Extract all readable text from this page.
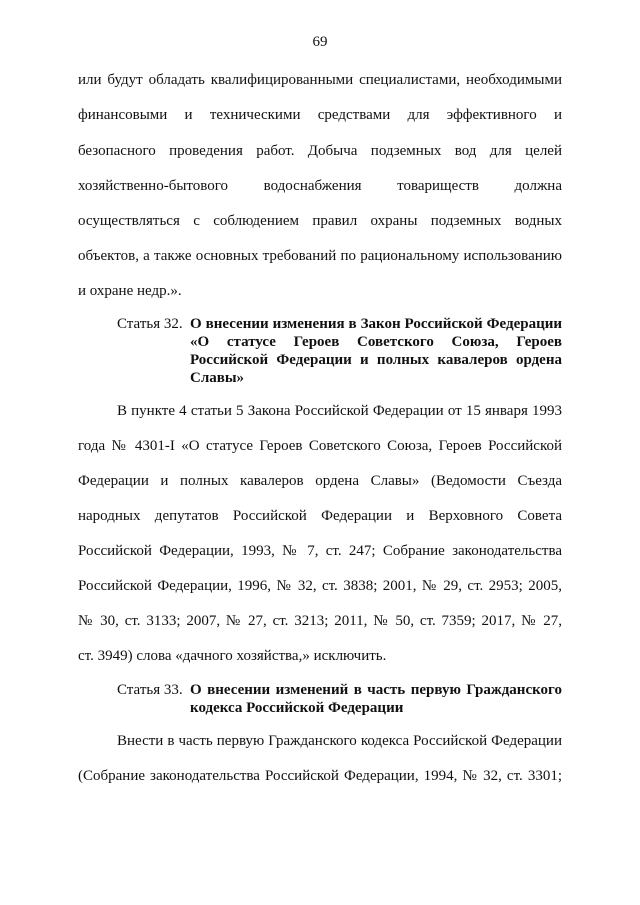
69
или будут обладать квалифицированными специалистами, необходимыми
финансовыми и техническими средствами для эффективного и
безопасного проведения работ. Добыча подземных вод для целей
хозяйственно-бытового водоснабжения товариществ должна
осуществляться с соблюдением правил охраны подземных водных
объектов, а также основных требований по рациональному использованию
и охране недр.».
Статья 32. О внесении изменения в Закон Российской Федерации
«О статусе Героев Советского Союза, Героев
Российской Федерации и полных кавалеров ордена
Славы»
В пункте 4 статьи 5 Закона Российской Федерации от 15 января 1993
года № 4301-I «О статусе Героев Советского Союза, Героев Российской
Федерации и полных кавалеров ордена Славы» (Ведомости Съезда
народных депутатов Российской Федерации и Верховного Совета
Российской Федерации, 1993, № 7, ст. 247; Собрание законодательства
Российской Федерации, 1996, № 32, ст. 3838; 2001, № 29, ст. 2953; 2005,
№ 30, ст. 3133; 2007, № 27, ст. 3213; 2011, № 50, ст. 7359; 2017, № 27,
ст. 3949) слова «дачного хозяйства,» исключить.
Статья 33. О внесении изменений в часть первую Гражданского
кодекса Российской Федерации
Внести в часть первую Гражданского кодекса Российской Федерации
(Собрание законодательства Российской Федерации, 1994, № 32, ст. 3301;
